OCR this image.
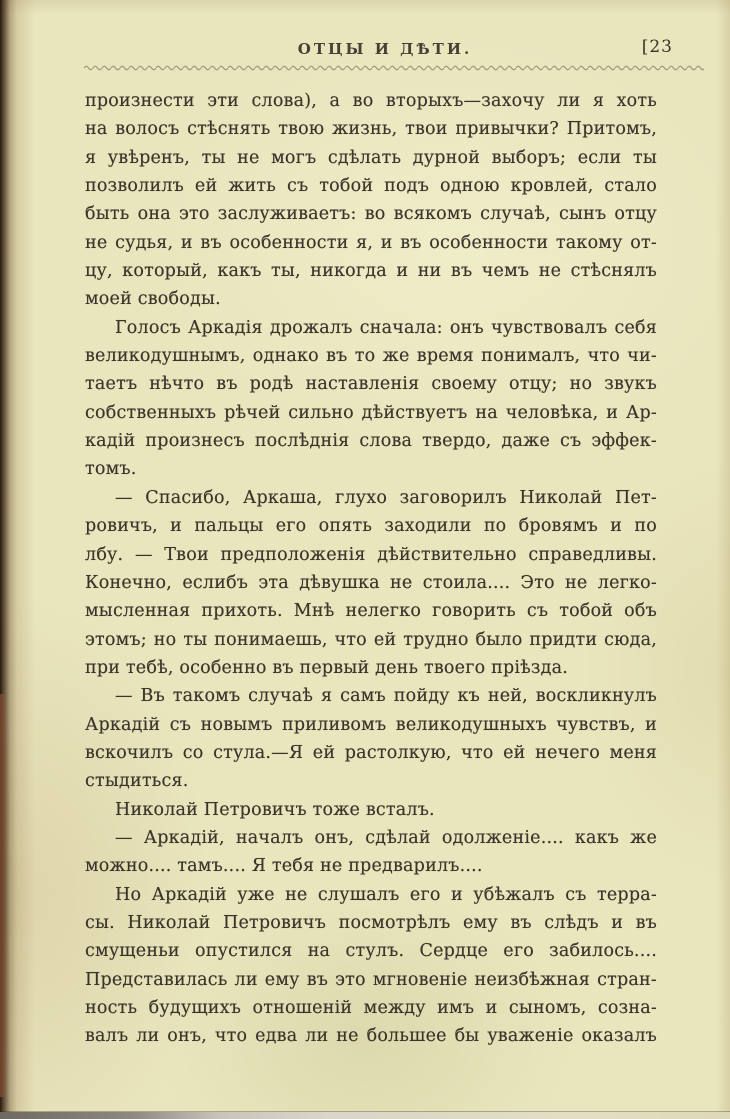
ОТЦЫ И ДѢТИ.	[23
произнести эти слова), а во вторыхъ—захочу ли я хоть
на волосъ стѣснять твою жизнь, твои привычки? Притомъ,
я увѣренъ, ты не могъ сдѣлать дурной выборъ; если ты
позволилъ ей жить съ тобой подъ одною кровлей, стало
быть она это заслуживаетъ: во всякомъ случаѣ, сынъ отцу
не судья, и въ особенности я, и въ особенности такому от-
цу, который, какъ ты, никогда и ни въ чемъ не стѣснялъ
моей свободы.
Голосъ Аркадія дрожалъ сначала: онъ чувствовалъ себя
великодушнымъ, однако въ то же время понималъ, что чи-
таетъ нѣчто въ родѣ наставленія своему отцу; но звукъ
собственныхъ рѣчей сильно дѣйствуетъ на человѣка, и Ар-
кадій произнесъ послѣднія слова твердо, даже съ эффек-
томъ.
— Спасибо, Аркаша, глухо заговорилъ Николай Пет-
ровичъ, и пальцы его опять заходили по бровямъ и по
лбу. — Твои предположенія дѣйствительно справедливы.
Конечно, еслибъ эта дѣвушка не стоила.... Это не легко-
мысленная прихоть. Мнѣ нелегко говорить съ тобой объ
этомъ; но ты понимаешь, что ей трудно было придти сюда,
при тебѣ, особенно въ первый день твоего пріѣзда.
— Въ такомъ случаѣ я самъ пойду къ ней, воскликнулъ
Аркадій съ новымъ приливомъ великодушныхъ чувствъ, и
вскочилъ со стула.—Я ей растолкую, что ей нечего меня
стыдиться.
Николай Петровичъ тоже всталъ.
— Аркадій, началъ онъ, сдѣлай одолженіе.... какъ же
можно.... тамъ.... Я тебя не предварилъ....
Но Аркадій уже не слушалъ его и убѣжалъ съ терра-
сы. Николай Петровичъ посмотрѣлъ ему въ слѣдъ и въ
смущеньи опустился на стулъ. Сердце его забилось....
Представилась ли ему въ это мгновеніе неизбѣжная стран-
ность будущихъ отношеній между имъ и сыномъ, созна-
валъ ли онъ, что едва ли не большее бы уваженіе оказалъ
